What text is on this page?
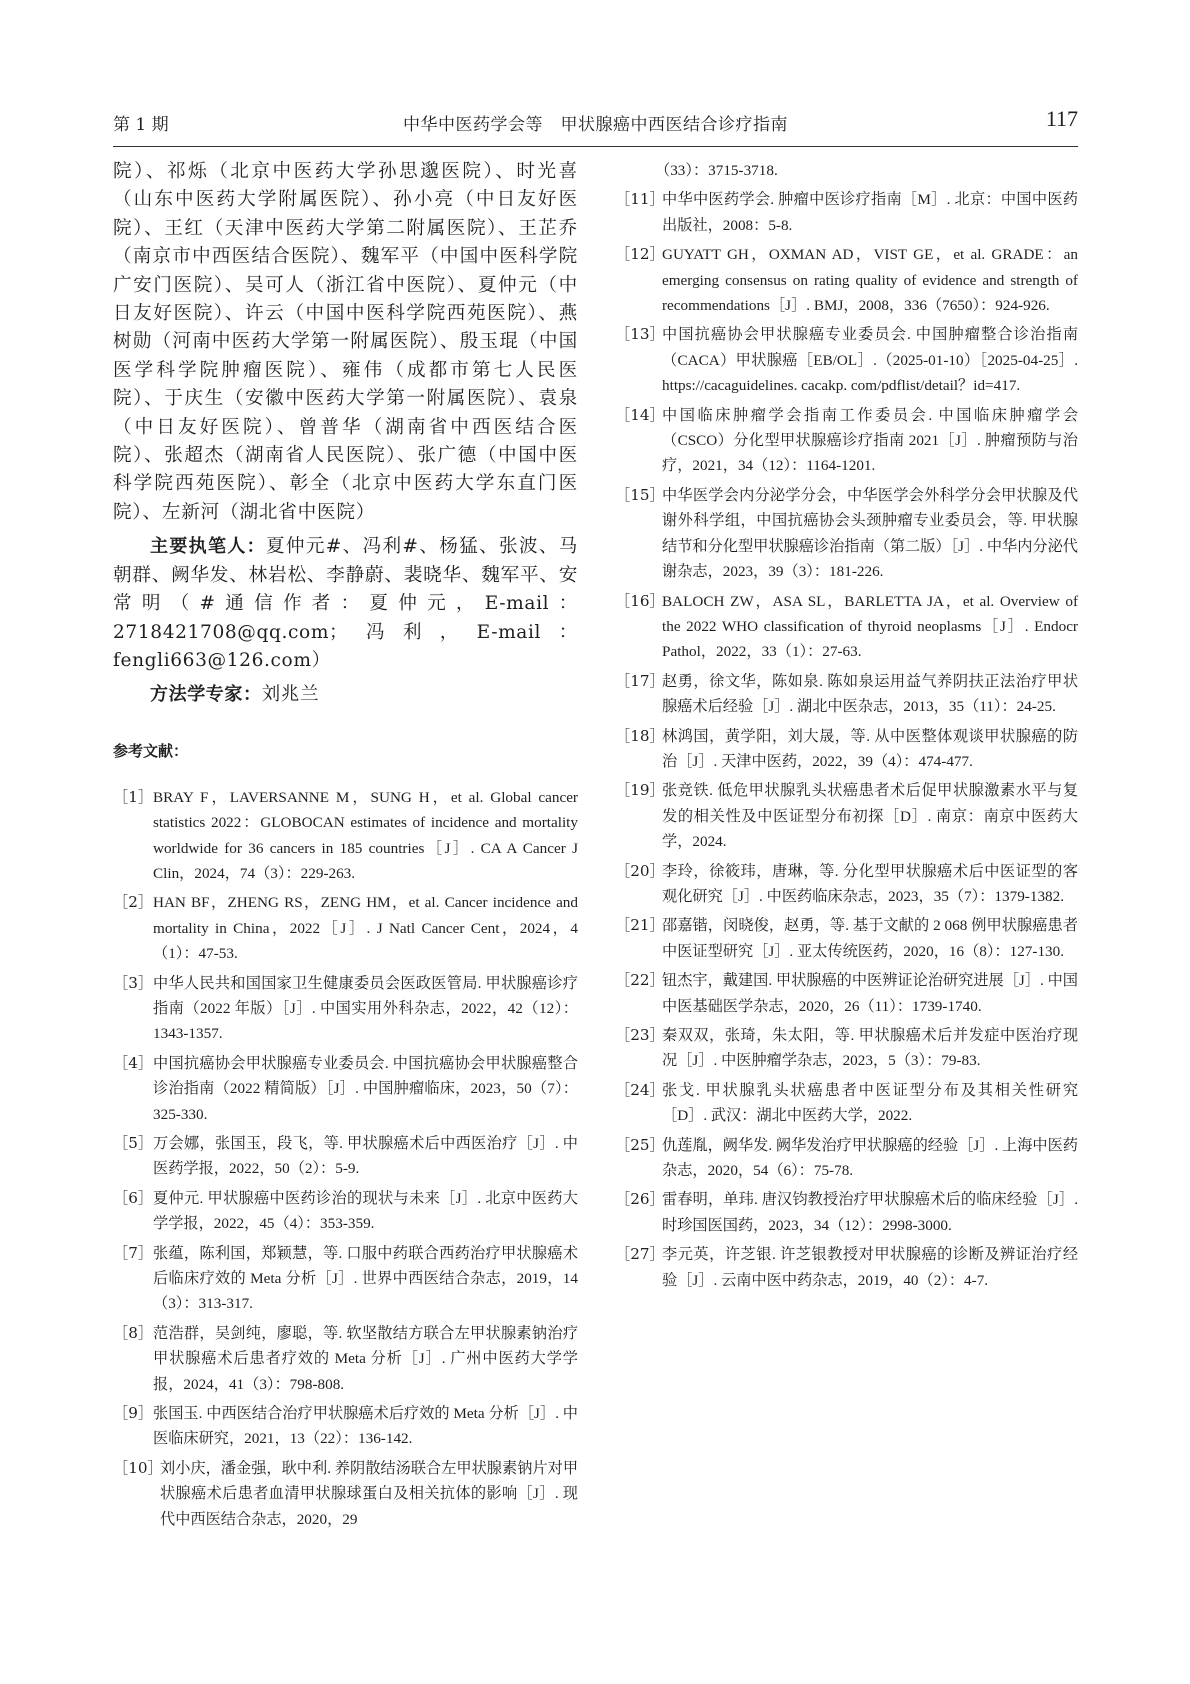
第 1 期	中华中医药学会等　甲状腺癌中西医结合诊疗指南	117

院）、祁烁（北京中医药大学孙思邈医院）、时光喜（山东中医药大学附属医院）、孙小亮（中日友好医院）、王红（天津中医药大学第二附属医院）、王芷乔（南京市中西医结合医院）、魏军平（中国中医科学院广安门医院）、吴可人（浙江省中医院）、夏仲元（中日友好医院）、许云（中国中医科学院西苑医院）、燕树勋（河南中医药大学第一附属医院）、殷玉琨（中国医学科学院肿瘤医院）、雍伟（成都市第七人民医院）、于庆生（安徽中医药大学第一附属医院）、袁泉（中日友好医院）、曾普华（湖南省中西医结合医院）、张超杰（湖南省人民医院）、张广德（中国中医科学院西苑医院）、彰全（北京中医药大学东直门医院）、左新河（湖北省中医院）

主要执笔人：夏仲元#、冯利#、杨猛、张波、马朝群、阙华发、林岩松、李静蔚、裴晓华、魏军平、安常明（#通信作者：夏仲元，E-mail：2718421708@qq.com；冯利，E-mail：fengli663@126.com）

方法学专家：刘兆兰

参考文献：
［1］ BRAY F，LAVERSANNE M，SUNG H，et al. Global cancer statistics 2022：GLOBOCAN estimates of incidence and mortality worldwide for 36 cancers in 185 countries［J］. CA A Cancer J Clin，2024，74（3）：229-263.
［2］ HAN BF，ZHENG RS，ZENG HM，et al. Cancer incidence and mortality in China，2022［J］. J Natl Cancer Cent，2024，4（1）：47-53.
［3］ 中华人民共和国国家卫生健康委员会医政医管局. 甲状腺癌诊疗指南（2022 年版）［J］. 中国实用外科杂志，2022，42（12）：1343-1357.
［4］ 中国抗癌协会甲状腺癌专业委员会. 中国抗癌协会甲状腺癌整合诊治指南（2022 精简版）［J］. 中国肿瘤临床，2023，50（7）：325-330.
［5］ 万会娜，张国玉，段飞，等. 甲状腺癌术后中西医治疗［J］. 中医药学报，2022，50（2）：5-9.
［6］ 夏仲元. 甲状腺癌中医药诊治的现状与未来［J］. 北京中医药大学学报，2022，45（4）：353-359.
［7］ 张蕴，陈利国，郑颖慧，等. 口服中药联合西药治疗甲状腺癌术后临床疗效的 Meta 分析［J］. 世界中西医结合杂志，2019，14（3）：313-317.
［8］ 范浩群，吴剑纯，廖聪，等. 软坚散结方联合左甲状腺素钠治疗甲状腺癌术后患者疗效的 Meta 分析［J］. 广州中医药大学学报，2024，41（3）：798-808.
［9］ 张国玉. 中西医结合治疗甲状腺癌术后疗效的 Meta 分析［J］. 中医临床研究，2021，13（22）：136-142.
［10］
刘小庆，潘金强，耿中利. 养阴散结汤联合左甲状腺素钠片对甲状腺癌术后患者血清甲状腺球蛋白及相关抗体的影响［J］. 现代中西医结合杂志，2020，29
（33）：3715-3718.
［11］
中华中医药学会. 肿瘤中医诊疗指南［M］. 北京：中国中医药出版社，2008：5-8.
［12］
GUYATT GH，OXMAN AD，VIST GE，et al. GRADE：an emerging consensus on rating quality of evidence and strength of recommendations［J］. BMJ，2008，336（7650）：924-926.
［13］
中国抗癌协会甲状腺癌专业委员会. 中国肿瘤整合诊治指南（CACA）甲状腺癌［EB/OL］.（2025-01-10）［2025-04-25］. https://cacaguidelines. cacakp. com/pdflist/detail？id=417.
［14］
中国临床肿瘤学会指南工作委员会. 中国临床肿瘤学会（CSCO）分化型甲状腺癌诊疗指南 2021［J］. 肿瘤预防与治疗，2021，34（12）：1164-1201.
［15］
中华医学会内分泌学分会，中华医学会外科学分会甲状腺及代谢外科学组，中国抗癌协会头颈肿瘤专业委员会，等. 甲状腺结节和分化型甲状腺癌诊治指南（第二版）［J］. 中华内分泌代谢杂志，2023，39（3）：181-226.
［16］
BALOCH ZW，ASA SL，BARLETTA JA，et al. Overview of the 2022 WHO classification of thyroid neoplasms［J］. Endocr Pathol，2022，33（1）：27-63.
［17］
赵勇，徐文华，陈如泉. 陈如泉运用益气养阴扶正法治疗甲状腺癌术后经验［J］. 湖北中医杂志，2013，35（11）：24-25.
［18］
林鸿国，黄学阳，刘大晟，等. 从中医整体观谈甲状腺癌的防治［J］. 天津中医药，2022，39（4）：474-477.
［19］
张竞铁. 低危甲状腺乳头状癌患者术后促甲状腺激素水平与复发的相关性及中医证型分布初探［D］. 南京：南京中医药大学，2024.
［20］
李玲，徐筱玮，唐琳，等. 分化型甲状腺癌术后中医证型的客观化研究［J］. 中医药临床杂志，2023，35（7）：1379-1382.
［21］
邵嘉锴，闵晓俊，赵勇，等. 基于文献的 2 068 例甲状腺癌患者中医证型研究［J］. 亚太传统医药，2020，16（8）：127-130.
［22］
钮杰宇，戴建国. 甲状腺癌的中医辨证论治研究进展［J］. 中国中医基础医学杂志，2020，26（11）：1739-1740.
［23］
秦双双，张琦，朱太阳，等. 甲状腺癌术后并发症中医治疗现况［J］. 中医肿瘤学杂志，2023，5（3）：79-83.
［24］
张戈. 甲状腺乳头状癌患者中医证型分布及其相关性研究［D］. 武汉：湖北中医药大学，2022.
［25］
仇莲胤，阙华发. 阙华发治疗甲状腺癌的经验［J］. 上海中医药杂志，2020，54（6）：75-78.
［26］
雷春明，单玮. 唐汉钧教授治疗甲状腺癌术后的临床经验［J］. 时珍国医国药，2023，34（12）：2998-3000.
［27］
李元英，许芝银. 许芝银教授对甲状腺癌的诊断及辨证治疗经验［J］. 云南中医中药杂志，2019，40（2）：4-7.
